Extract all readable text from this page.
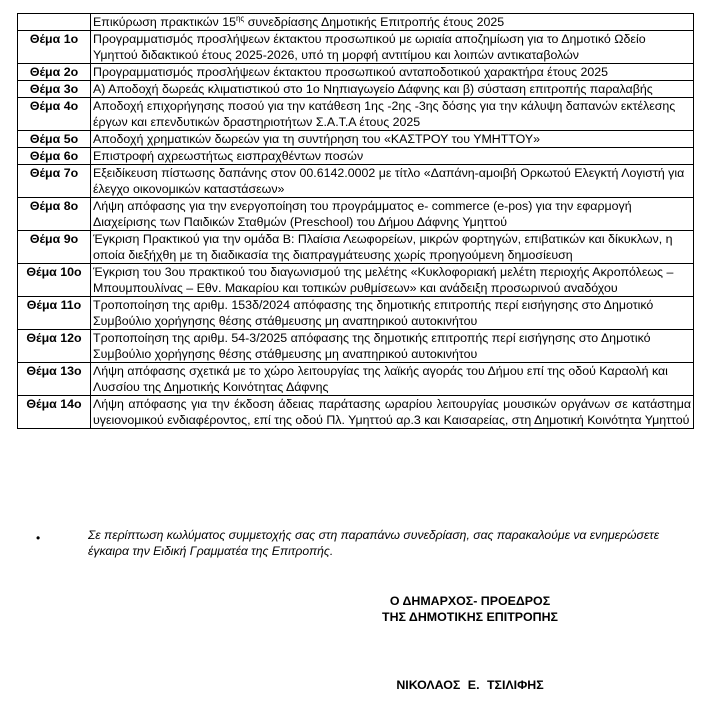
	Επικύρωση πρακτικών $15^{\eta\varsigma}$ συνεδρίασης Δημοτικής Επιτροπής έτους 2025
Θέμα 1ο	Προγραμματισμός προσλήψεων έκτακτου προσωπικού με ωριαία αποζημίωση για το Δημοτικό Ωδείο Υμηττού διδακτικού έτους 2025-2026, υπό τη μορφή αντιτίμου και λοιπών αντικαταβολών
Θέμα 2ο	Προγραμματισμός προσλήψεων έκτακτου προσωπικού ανταποδοτικού χαρακτήρα έτους 2025
Θέμα 3ο	Α) Αποδοχή δωρεάς κλιματιστικού στο 1ο Νηπιαγωγείο Δάφνης και β) σύσταση επιτροπής παραλαβής
Θέμα 4ο	Αποδοχή επιχορήγησης ποσού για την κατάθεση 1ης -2ης -3ης δόσης για την κάλυψη δαπανών εκτέλεσης έργων και επενδυτικών δραστηριοτήτων Σ.Α.Τ.Α έτους 2025
Θέμα 5ο	Αποδοχή χρηματικών δωρεών για τη συντήρηση του «ΚΑΣΤΡΟΥ του ΥΜΗΤΤΟΥ»
Θέμα 6ο	Επιστροφή αχρεωστήτως εισπραχθέντων ποσών
Θέμα 7ο	Εξειδίκευση πίστωσης δαπάνης στον 00.6142.0002 με τίτλο «Δαπάνη-αμοιβή Ορκωτού Ελεγκτή Λογιστή για έλεγχο οικονομικών καταστάσεων»
Θέμα 8ο	Λήψη απόφασης για την ενεργοποίηση του προγράμματος e- commerce (e-pos) για την εφαρμογή Διαχείρισης των Παιδικών Σταθμών (Preschool) του Δήμου Δάφνης Υμηττού
Θέμα 9ο	Έγκριση Πρακτικού για την ομάδα Β: Πλαίσια Λεωφορείων, μικρών φορτηγών, επιβατικών και δίκυκλων, η οποία διεξήχθη με τη διαδικασία της διαπραγμάτευσης χωρίς προηγούμενη δημοσίευση
Θέμα 10ο	Έγκριση του 3ου πρακτικού του διαγωνισμού της μελέτης «Κυκλοφοριακή μελέτη περιοχής Ακροπόλεως – Μπουμπουλίνας – Εθν. Μακαρίου και τοπικών ρυθμίσεων» και ανάδειξη προσωρινού αναδόχου
Θέμα 11ο	Τροποποίηση της αριθμ. 153δ/2024 απόφασης της δημοτικής επιτροπής περί εισήγησης στο Δημοτικό Συμβούλιο χορήγησης θέσης στάθμευσης μη αναπηρικού αυτοκινήτου
Θέμα 12ο	Τροποποίηση της αριθμ. 54-3/2025 απόφασης της δημοτικής επιτροπής περί εισήγησης στο Δημοτικό Συμβούλιο χορήγησης θέσης στάθμευσης μη αναπηρικού αυτοκινήτου
Θέμα 13ο	Λήψη απόφασης σχετικά με το χώρο λειτουργίας της λαϊκής αγοράς του Δήμου επί της οδού Καραολή και Λυσσίου της Δημοτικής Κοινότητας Δάφνης
Θέμα 14ο	Λήψη απόφασης για την έκδοση άδειας παράτασης ωραρίου λειτουργίας μουσικών οργάνων σε κατάστημα υγειονομικού ενδιαφέροντος, επί της οδού Πλ. Υμηττού αρ.3 και Καισαρείας, στη Δημοτική Κοινότητα Υμηττού
•	Σε περίπτωση κωλύματος συμμετοχής σας στη παραπάνω συνεδρίαση, σας παρακαλούμε να ενημερώσετε έγκαιρα την Ειδική Γραμματέα της Επιτροπής.
Ο ΔΗΜΑΡΧΟΣ- ΠΡΟΕΔΡΟΣ
ΤΗΣ ΔΗΜΟΤΙΚΗΣ ΕΠΙΤΡΟΠΗΣ
ΝΙΚΟΛΑΟΣ Ε. ΤΣΙΛΙΦΗΣ
